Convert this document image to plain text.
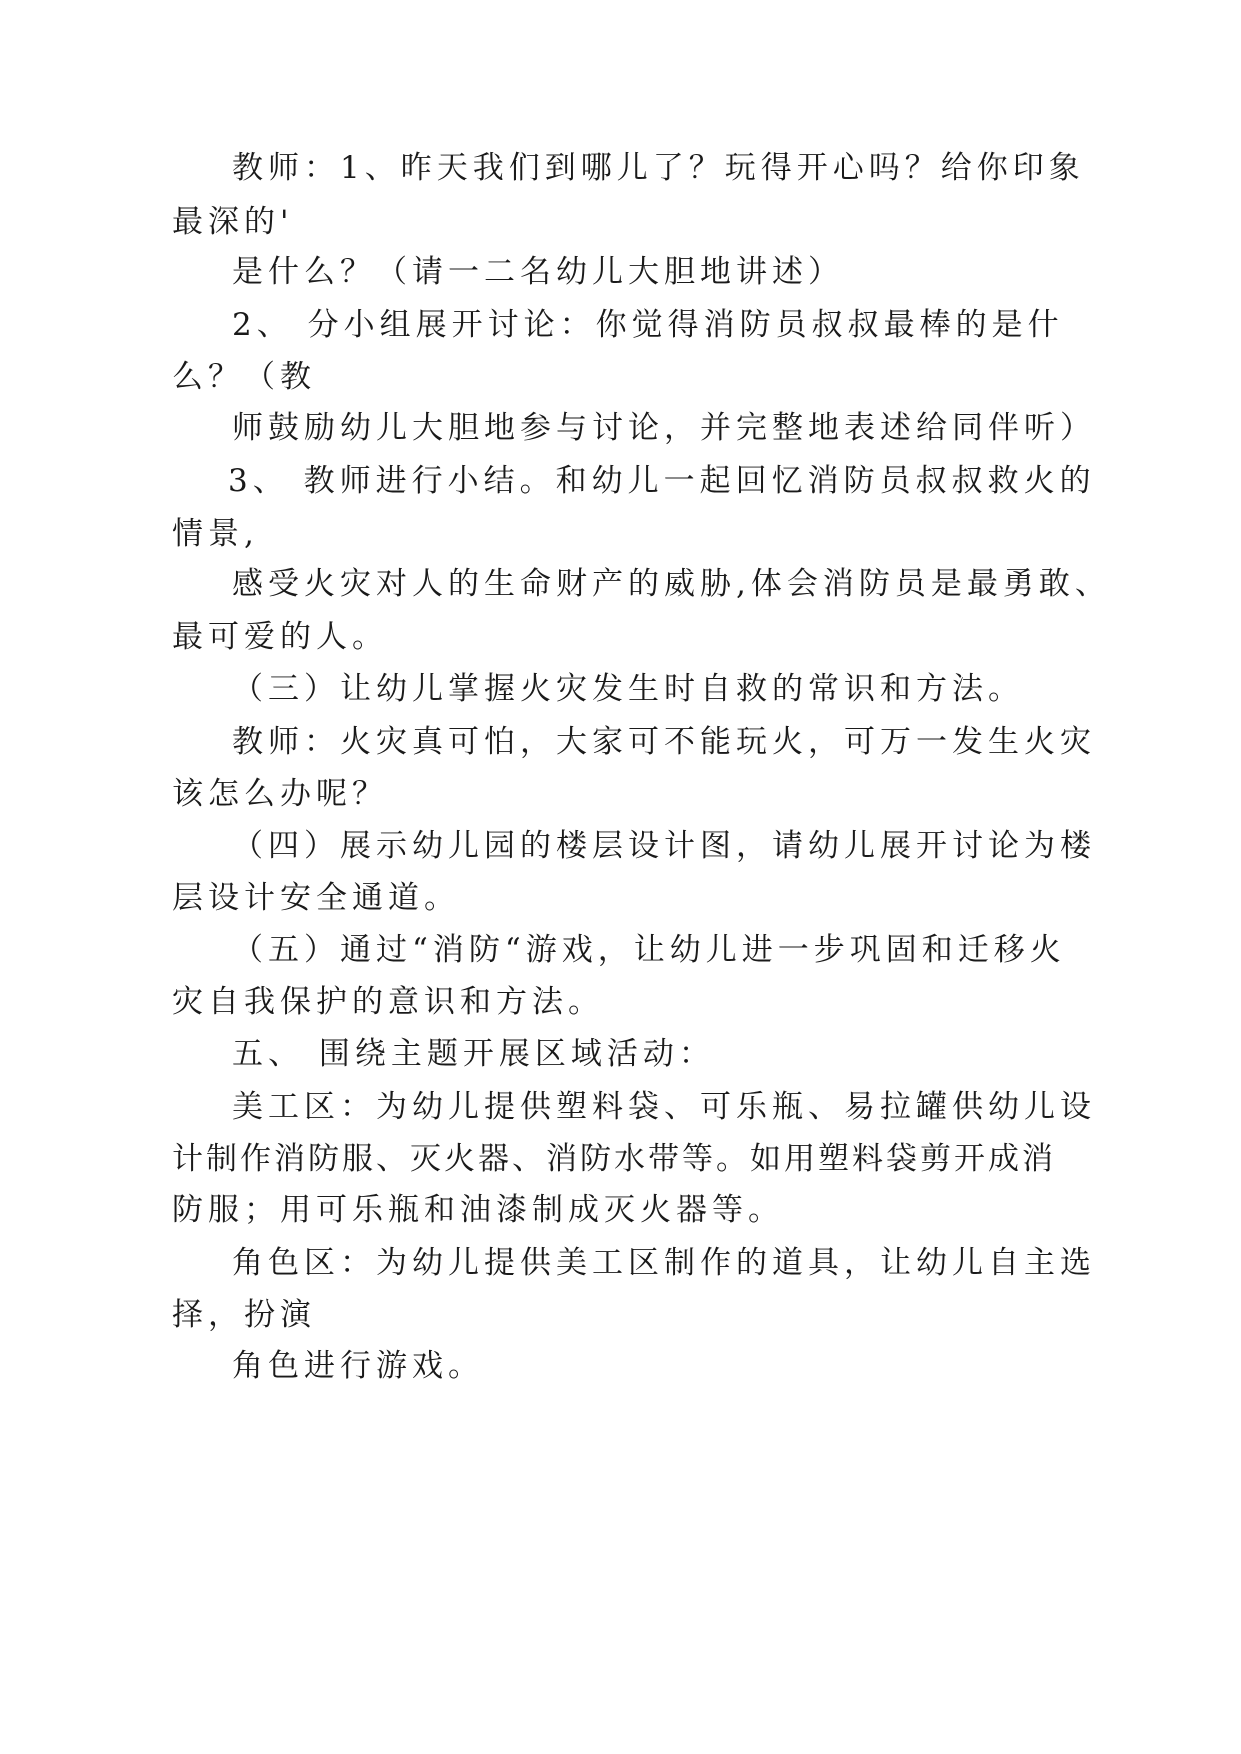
教师：1、昨天我们到哪儿了？玩得开心吗？给你印象

最深的'

是什么？（请一二名幼儿大胆地讲述）

2、 分小组展开讨论：你觉得消防员叔叔最棒的是什

么？（教

师鼓励幼儿大胆地参与讨论，并完整地表述给同伴听）

3、 教师进行小结。和幼儿一起回忆消防员叔叔救火的

情景,

感受火灾对人的生命财产的威胁,体会消防员是最勇敢、

最可爱的人。

（三）让幼儿掌握火灾发生时自救的常识和方法。

教师：火灾真可怕，大家可不能玩火，可万一发生火灾

该怎么办呢？

（四）展示幼儿园的楼层设计图，请幼儿展开讨论为楼

层设计安全通道。

（五）通过“消防“游戏，让幼儿进一步巩固和迁移火

灾自我保护的意识和方法。

五、 围绕主题开展区域活动：

美工区：为幼儿提供塑料袋、可乐瓶、易拉罐供幼儿设

计制作消防服、灭火器、消防水带等。如用塑料袋剪开成消

防服；用可乐瓶和油漆制成灭火器等。

角色区：为幼儿提供美工区制作的道具，让幼儿自主选

择，扮演

角色进行游戏。
